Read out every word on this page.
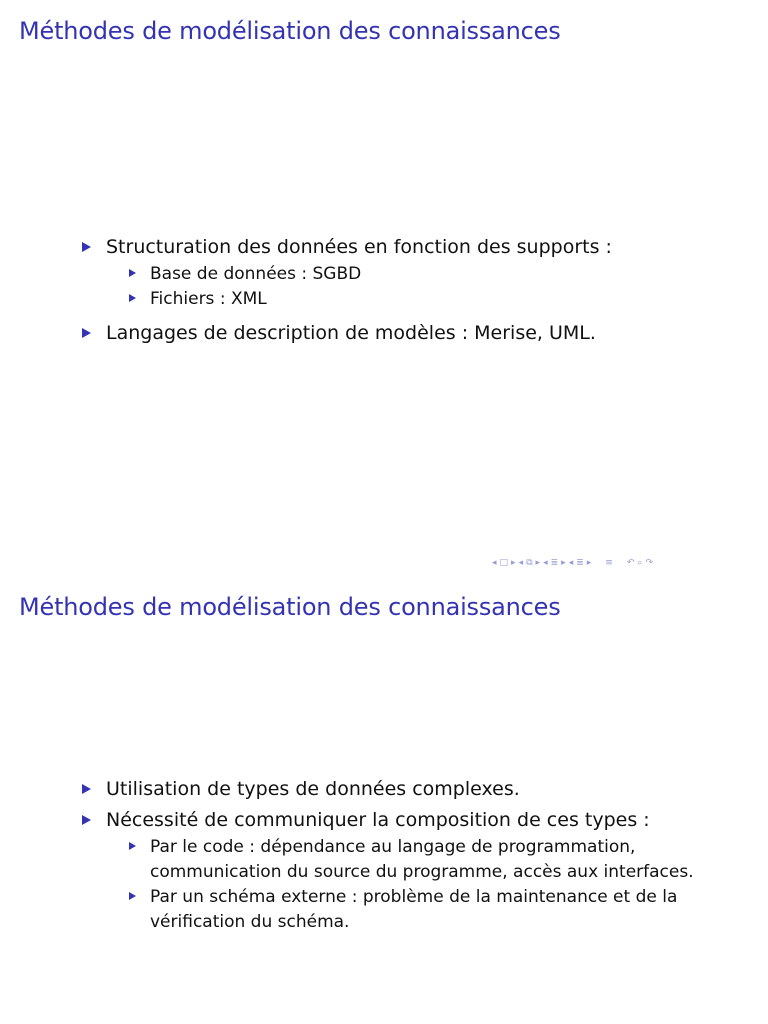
Méthodes de modélisation des connaissances
Structuration des données en fonction des supports :
Base de données : SGBD
Fichiers : XML
Langages de description de modèles : Merise, UML.
◂ □ ▸ ◂ ⧉ ▸ ◂ ≣ ▸ ◂ ≣ ▸ ≡ ↶ ⌕ ↷
Méthodes de modélisation des connaissances
Utilisation de types de données complexes.
Nécessité de communiquer la composition de ces types :
Par le code : dépendance au langage de programmation, communication du source du programme, accès aux interfaces.
Par un schéma externe : problème de la maintenance et de la vérification du schéma.
